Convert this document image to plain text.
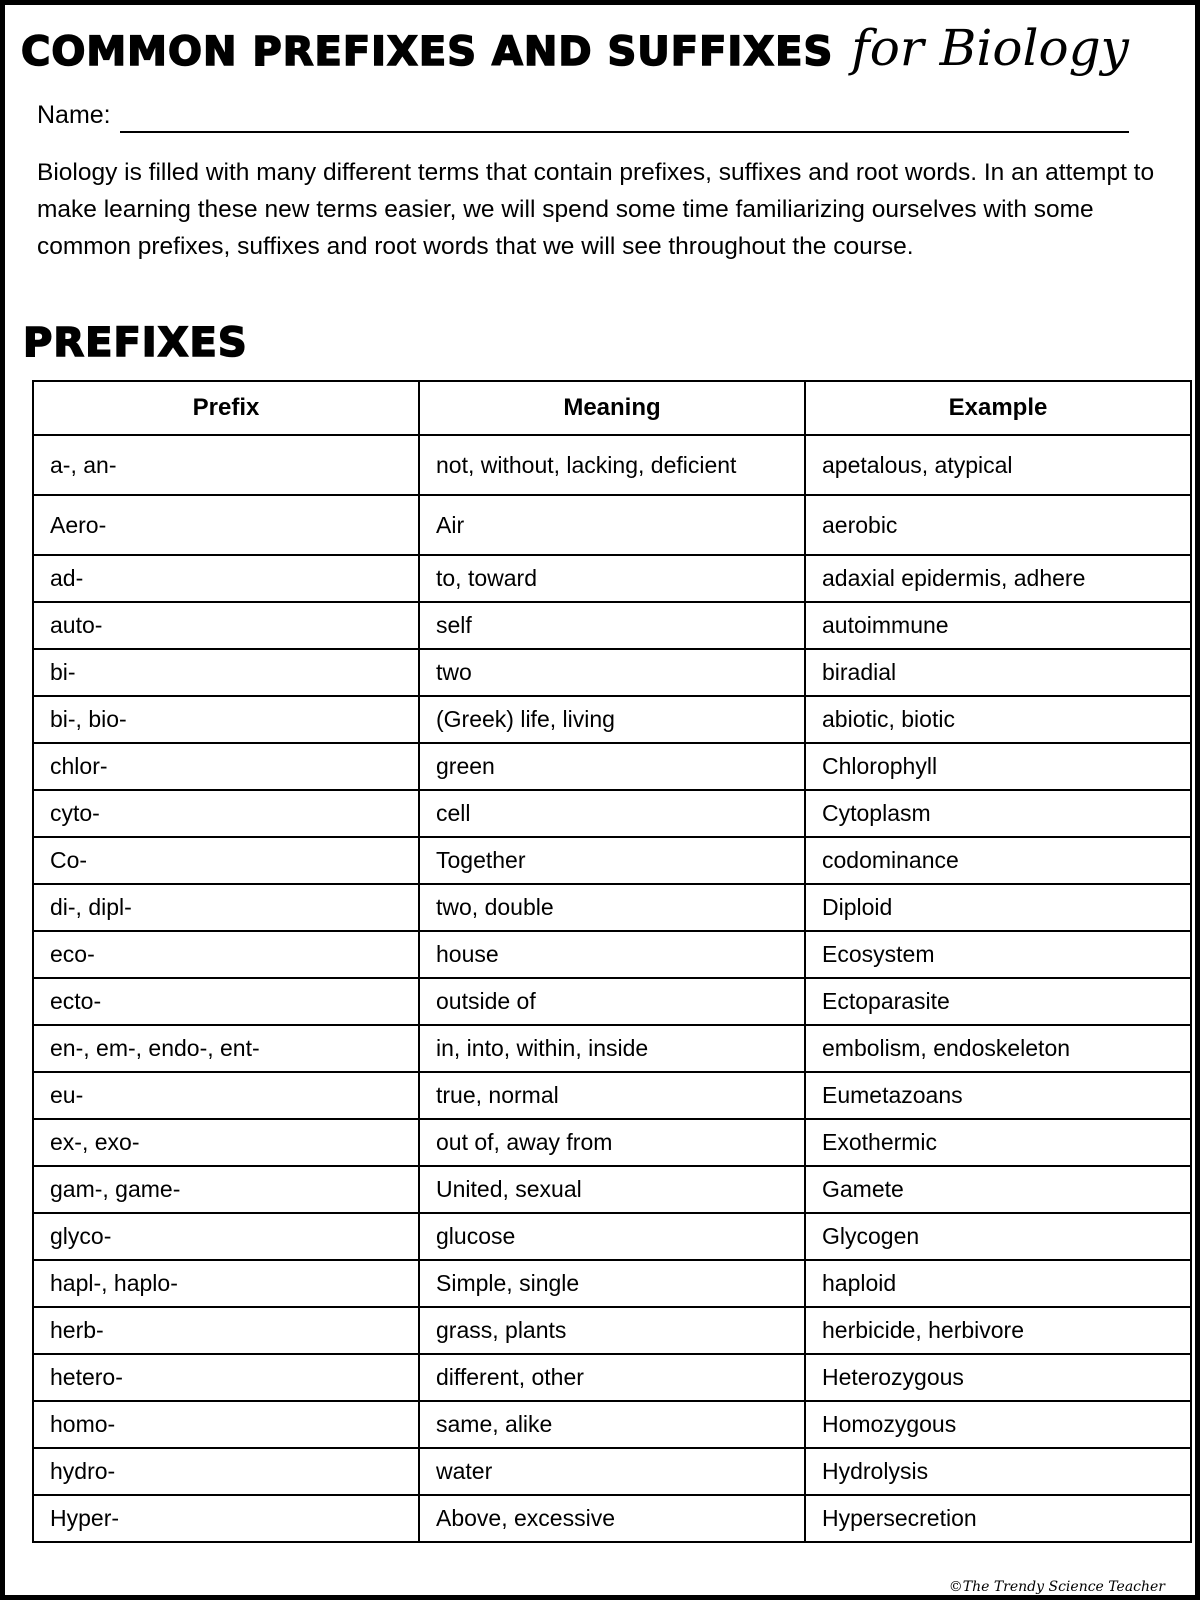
COMMON PREFIXES AND SUFFIXES for Biology
Name:
Biology is filled with many different terms that contain prefixes, suffixes and root words. In an attempt to make learning these new terms easier, we will spend some time familiarizing ourselves with some common prefixes, suffixes and root words that we will see throughout the course.
PREFIXES
Prefix	Meaning	Example
a-, an-	not, without, lacking, deficient	apetalous, atypical
Aero-	Air	aerobic
ad-	to, toward	adaxial epidermis, adhere
auto-	self	autoimmune
bi-	two	biradial
bi-, bio-	(Greek) life, living	abiotic, biotic
chlor-	green	Chlorophyll
cyto-	cell	Cytoplasm
Co-	Together	codominance
di-, dipl-	two, double	Diploid
eco-	house	Ecosystem
ecto-	outside of	Ectoparasite
en-, em-, endo-, ent-	in, into, within, inside	embolism, endoskeleton
eu-	true, normal	Eumetazoans
ex-, exo-	out of, away from	Exothermic
gam-, game-	United, sexual	Gamete
glyco-	glucose	Glycogen
hapl-, haplo-	Simple, single	haploid
herb-	grass, plants	herbicide, herbivore
hetero-	different, other	Heterozygous
homo-	same, alike	Homozygous
hydro-	water	Hydrolysis
Hyper-	Above, excessive	Hypersecretion
©The Trendy Science Teacher
